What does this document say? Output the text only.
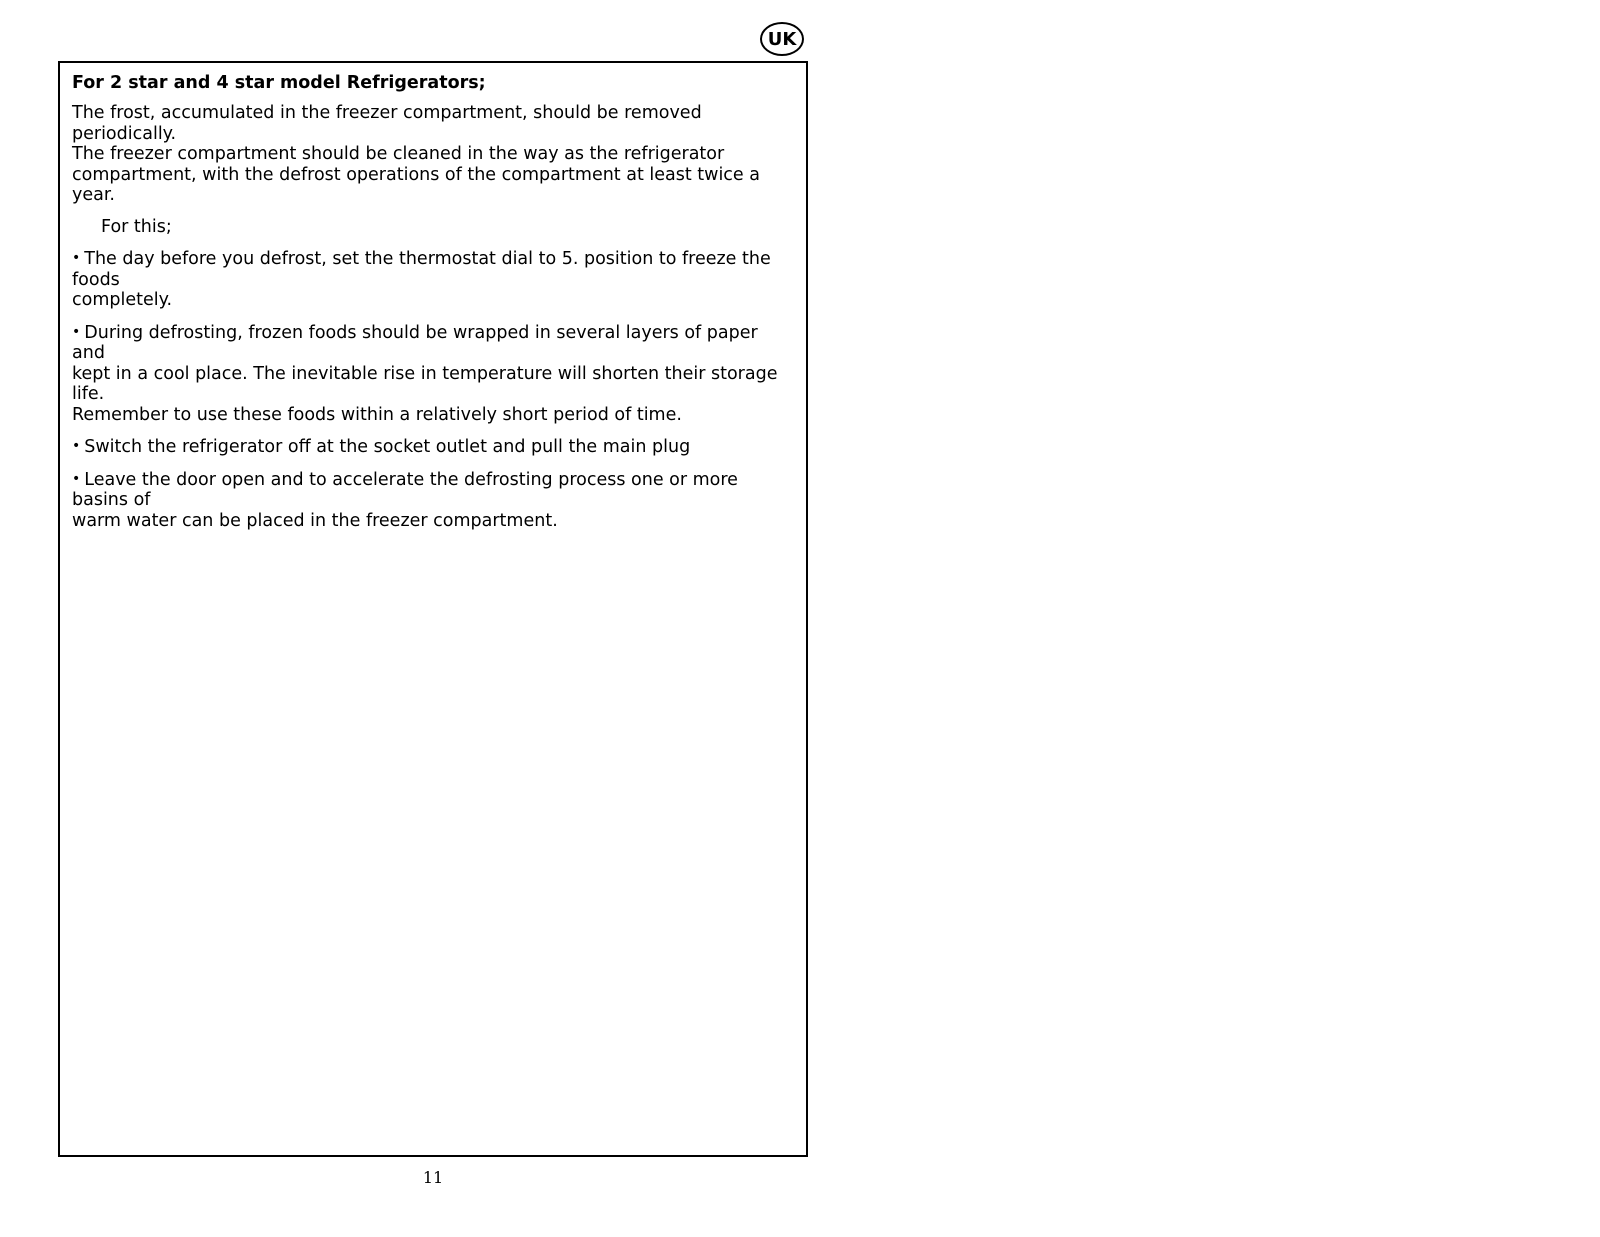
UK
For 2 star and 4 star model Refrigerators;
The frost, accumulated in the freezer compartment, should be removed periodically.
The freezer compartment should be cleaned in the way as the refrigerator
compartment, with the defrost operations of the compartment at least twice a year.
For this;
• The day before you defrost, set the thermostat dial to 5. position to freeze the foods
completely.
• During defrosting, frozen foods should be wrapped in several layers of paper and
kept in a cool place. The inevitable rise in temperature will shorten their storage life.
Remember to use these foods within a relatively short period of time.
• Switch the refrigerator off at the socket outlet and pull the main plug
• Leave the door open and to accelerate the defrosting process one or more basins of
warm water can be placed in the freezer compartment.
11
